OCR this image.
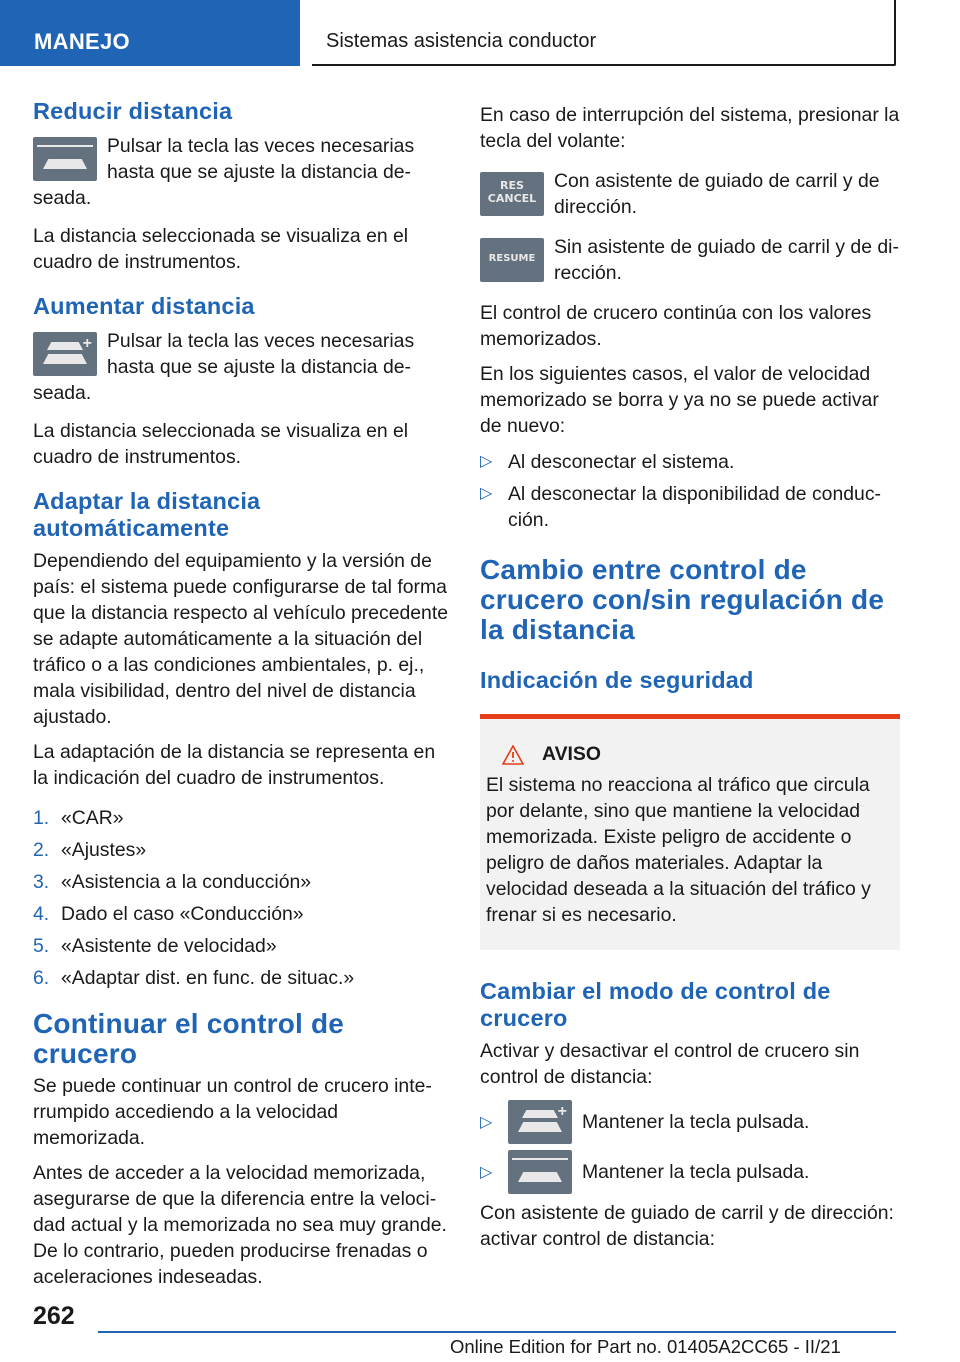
MANEJO	Sistemas asistencia conductor
Reducir distancia
Pulsar la tecla las veces necesarias hasta que se ajuste la distancia deseada.

La distancia seleccionada se visualiza en el cuadro de instrumentos.

Aumentar distancia
+ Pulsar la tecla las veces necesarias hasta que se ajuste la distancia deseada.

La distancia seleccionada se visualiza en el cuadro de instrumentos.

Adaptar la distancia automáticamente

Dependiendo del equipamiento y la versión de país: el sistema puede configurarse de tal forma que la distancia respecto al vehículo precedente se adapte automáticamente a la situación del tráfico o a las condiciones ambientales, p. ej., mala visibilidad, dentro del nivel de distancia ajustado.

La adaptación de la distancia se representa en la indicación del cuadro de instrumentos.

1. «CAR»
2. «Ajustes»
3. «Asistencia a la conducción»
4. Dado el caso «Conducción»
5. «Asistente de velocidad»
6. «Adaptar dist. en func. de situac.»
Continuar el control de crucero

Se puede continuar un control de crucero interrumpido accediendo a la velocidad memorizada.

Antes de acceder a la velocidad memorizada, asegurarse de que la diferencia entre la velocidad actual y la memorizada no sea muy grande. De lo contrario, pueden producirse frenadas o aceleraciones indeseadas.

En caso de interrupción del sistema, presionar la tecla del volante:

RES
CANCEL
Con asistente de guiado de carril y de dirección.
RESUME
Sin asistente de guiado de carril y de dirección.

El control de crucero continúa con los valores memorizados.

En los siguientes casos, el valor de velocidad memorizado se borra y ya no se puede activar de nuevo:

▷ Al desconectar el sistema.
▷ Al desconectar la disponibilidad de conducción.
Cambio entre control de crucero con/sin regulación de la distancia
Indicación de seguridad
AVISO

El sistema no reacciona al tráfico que circula por delante, sino que mantiene la velocidad memorizada. Existe peligro de accidente o peligro de daños materiales. Adaptar la velocidad deseada a la situación del tráfico y frenar si es necesario.

Cambiar el modo de control de crucero

Activar y desactivar el control de crucero sin control de distancia:

▷
+ Mantener la tecla pulsada.
▷	Mantener la tecla pulsada.

Con asistente de guiado de carril y de dirección: activar control de distancia:

262
Online Edition for Part no. 01405A2CC65 - II/21
